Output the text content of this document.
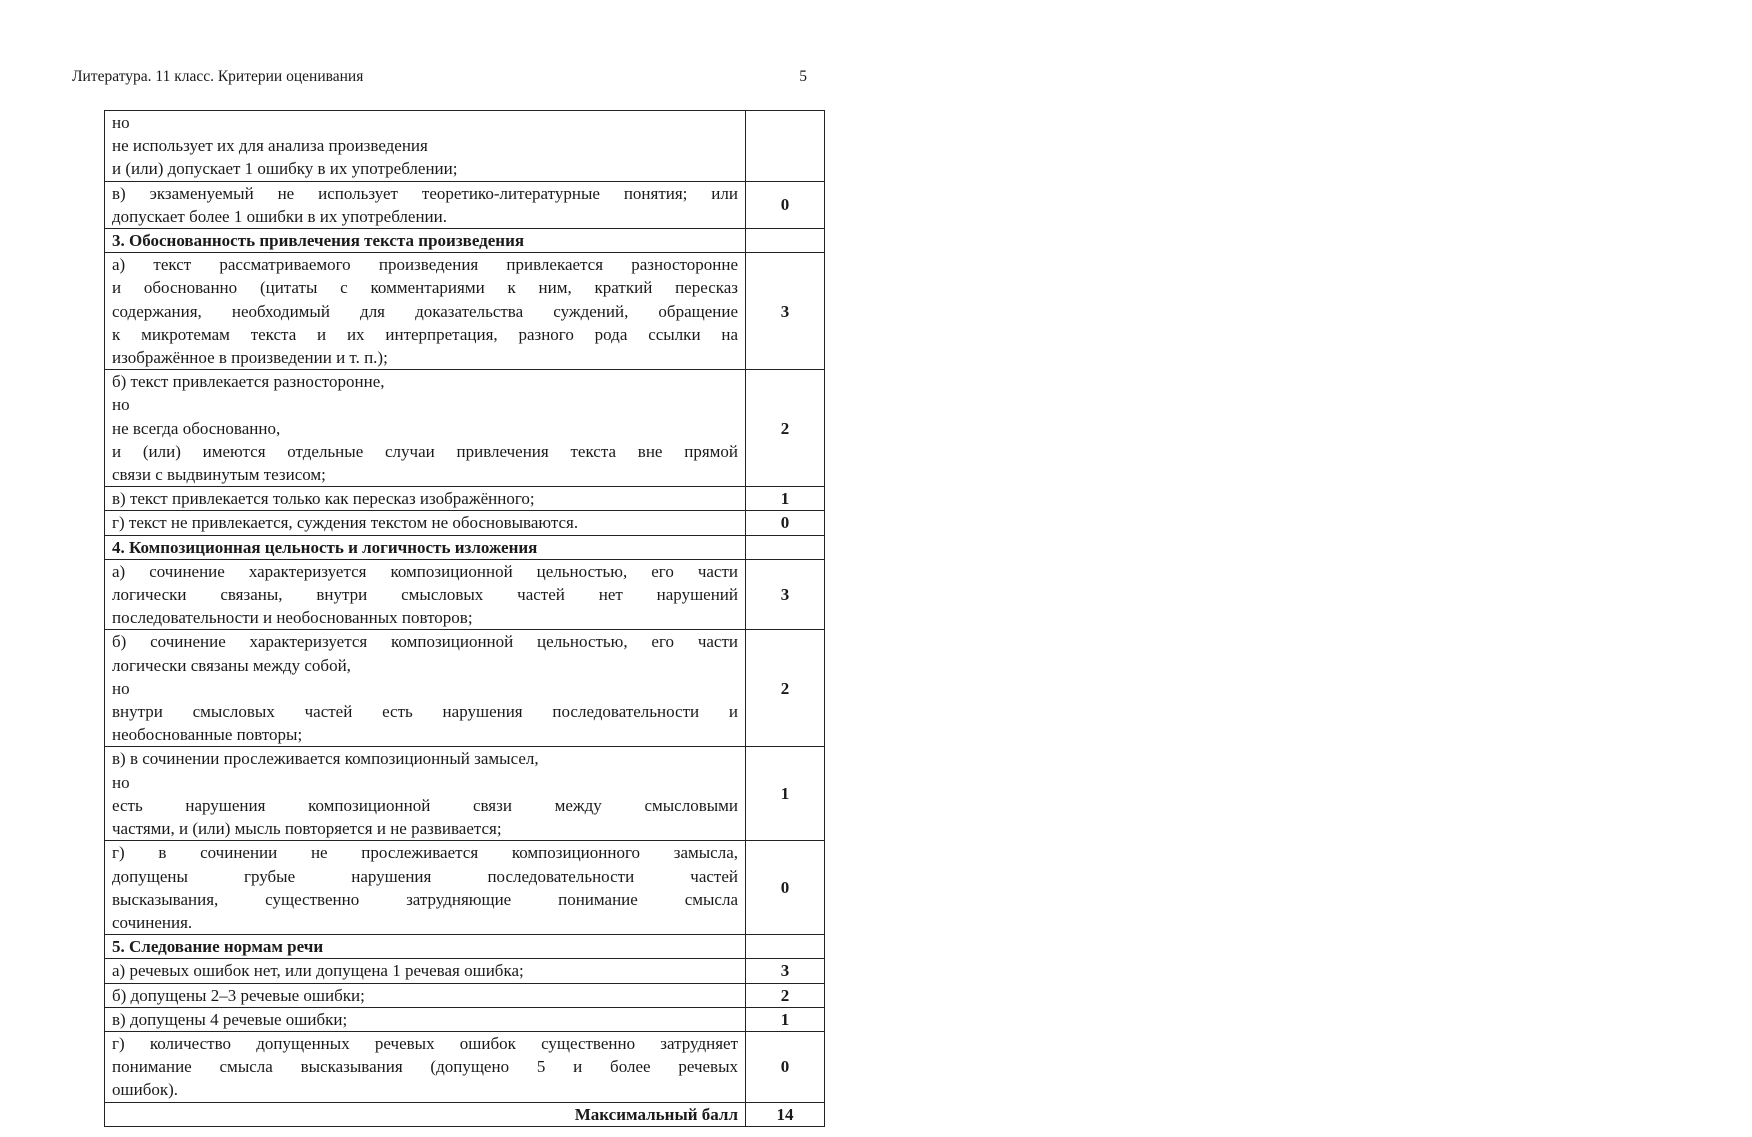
Литература. 11 класс. Критерии оценивания	5
но
не использует их для анализа произведения
и (или) допускает 1 ошибку в их употреблении;	

в) экзаменуемый не использует теоретико-литературные понятия; или
допускает более 1 ошибки в их употреблении.	0

3. Обоснованность привлечения текста произведения	

а) текст рассматриваемого произведения привлекается разносторонне
и обоснованно (цитаты с комментариями к ним, краткий пересказ
содержания, необходимый для доказательства суждений, обращение
к микротемам текста и их интерпретация, разного рода ссылки на
изображённое в произведении и т. п.);	3

б) текст привлекается разносторонне,
но
не всегда обоснованно,
и (или) имеются отдельные случаи привлечения текста вне прямой
связи с выдвинутым тезисом;	2

в) текст привлекается только как пересказ изображённого;	1

г) текст не привлекается, суждения текстом не обосновываются.	0

4. Композиционная цельность и логичность изложения	

а) сочинение характеризуется композиционной цельностью, его части
логически связаны, внутри смысловых частей нет нарушений
последовательности и необоснованных повторов;	3

б) сочинение характеризуется композиционной цельностью, его части
логически связаны между собой,
но
внутри смысловых частей есть нарушения последовательности и
необоснованные повторы;	2

в) в сочинении прослеживается композиционный замысел,
но
есть нарушения композиционной связи между смысловыми
частями, и (или) мысль повторяется и не развивается;	1

г) в сочинении не прослеживается композиционного замысла,
допущены грубые нарушения последовательности частей
высказывания, существенно затрудняющие понимание смысла
сочинения.	0

5. Следование нормам речи	

а) речевых ошибок нет, или допущена 1 речевая ошибка;	3

б) допущены 2–3 речевые ошибки;	2

в) допущены 4 речевые ошибки;	1

г) количество допущенных речевых ошибок существенно затрудняет
понимание смысла высказывания (допущено 5 и более речевых
ошибок).	0

Максимальный балл	14
